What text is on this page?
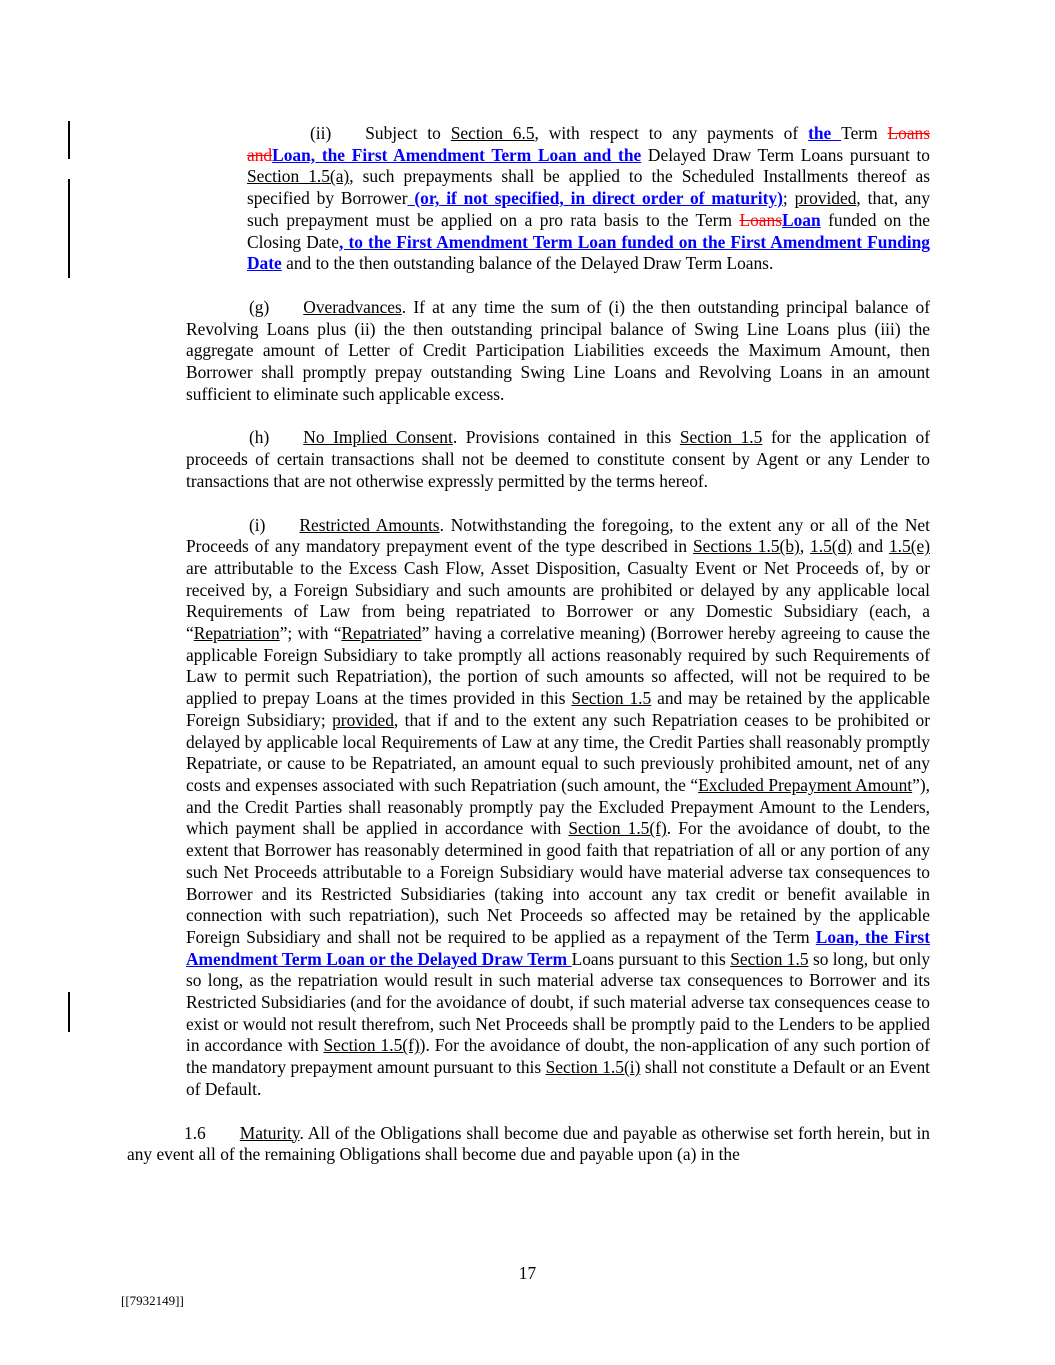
(ii) Subject to Section 6.5, with respect to any payments of the Term Loans andLoan, the First Amendment Term Loan and the Delayed Draw Term Loans pursuant to Section 1.5(a), such prepayments shall be applied to the Scheduled Installments thereof as specified by Borrower (or, if not specified, in direct order of maturity); provided, that, any such prepayment must be applied on a pro rata basis to the Term LoansLoan funded on the Closing Date, to the First Amendment Term Loan funded on the First Amendment Funding Date and to the then outstanding balance of the Delayed Draw Term Loans.

(g) Overadvances. If at any time the sum of (i) the then outstanding principal balance of Revolving Loans plus (ii) the then outstanding principal balance of Swing Line Loans plus (iii) the aggregate amount of Letter of Credit Participation Liabilities exceeds the Maximum Amount, then Borrower shall promptly prepay outstanding Swing Line Loans and Revolving Loans in an amount sufficient to eliminate such applicable excess.

(h) No Implied Consent. Provisions contained in this Section 1.5 for the application of proceeds of certain transactions shall not be deemed to constitute consent by Agent or any Lender to transactions that are not otherwise expressly permitted by the terms hereof.

(i) Restricted Amounts. Notwithstanding the foregoing, to the extent any or all of the Net Proceeds of any mandatory prepayment event of the type described in Sections 1.5(b), 1.5(d) and 1.5(e) are attributable to the Excess Cash Flow, Asset Disposition, Casualty Event or Net Proceeds of, by or received by, a Foreign Subsidiary and such amounts are prohibited or delayed by any applicable local Requirements of Law from being repatriated to Borrower or any Domestic Subsidiary (each, a “Repatriation”; with “Repatriated” having a correlative meaning) (Borrower hereby agreeing to cause the applicable Foreign Subsidiary to take promptly all actions reasonably required by such Requirements of Law to permit such Repatriation), the portion of such amounts so affected, will not be required to be applied to prepay Loans at the times provided in this Section 1.5 and may be retained by the applicable Foreign Subsidiary; provided, that if and to the extent any such Repatriation ceases to be prohibited or delayed by applicable local Requirements of Law at any time, the Credit Parties shall reasonably promptly Repatriate, or cause to be Repatriated, an amount equal to such previously prohibited amount, net of any costs and expenses associated with such Repatriation (such amount, the “Excluded Prepayment Amount”), and the Credit Parties shall reasonably promptly pay the Excluded Prepayment Amount to the Lenders, which payment shall be applied in accordance with Section 1.5(f). For the avoidance of doubt, to the extent that Borrower has reasonably determined in good faith that repatriation of all or any portion of any such Net Proceeds attributable to a Foreign Subsidiary would have material adverse tax consequences to Borrower and its Restricted Subsidiaries (taking into account any tax credit or benefit available in connection with such repatriation), such Net Proceeds so affected may be retained by the applicable Foreign Subsidiary and shall not be required to be applied as a repayment of the Term Loan, the First Amendment Term Loan or the Delayed Draw Term Loans pursuant to this Section 1.5 so long, but only so long, as the repatriation would result in such material adverse tax consequences to Borrower and its Restricted Subsidiaries (and for the avoidance of doubt, if such material adverse tax consequences cease to exist or would not result therefrom, such Net Proceeds shall be promptly paid to the Lenders to be applied in accordance with Section 1.5(f)). For the avoidance of doubt, the non-application of any such portion of the mandatory prepayment amount pursuant to this Section 1.5(i) shall not constitute a Default or an Event of Default.

1.6 Maturity. All of the Obligations shall become due and payable as otherwise set forth herein, but in any event all of the remaining Obligations shall become due and payable upon (a) in the

17
[[7932149]]
